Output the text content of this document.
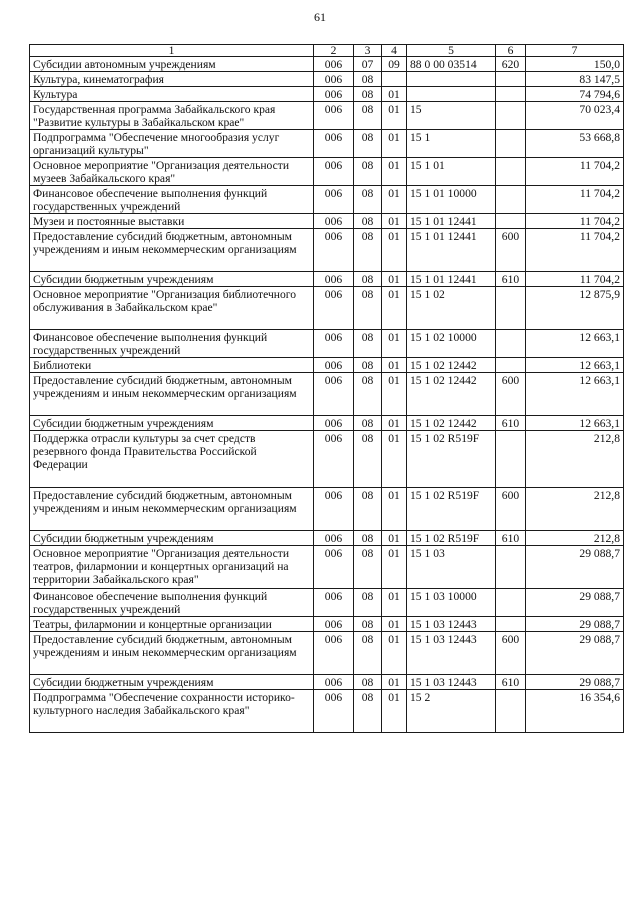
61
1	2	3	4	5	6	7
Субсидии автономным учреждениям	006	07	09	88 0 00 03514	620	150,0
Культура, кинематография	006	08				83 147,5
Культура	006	08	01			74 794,6
Государственная программа Забайкальского края "Развитие культуры в Забайкальском крае"	006	08	01	15		70 023,4
Подпрограмма "Обеспечение многообразия услуг организаций культуры"	006	08	01	15 1		53 668,8
Основное мероприятие "Организация деятельности музеев Забайкальского края"	006	08	01	15 1 01		11 704,2
Финансовое обеспечение выполнения функций государственных учреждений	006	08	01	15 1 01 10000		11 704,2
Музеи и постоянные выставки	006	08	01	15 1 01 12441		11 704,2
Предоставление субсидий бюджетным, автономным учреждениям и иным некоммерческим организациям	006	08	01	15 1 01 12441	600	11 704,2
Субсидии бюджетным учреждениям	006	08	01	15 1 01 12441	610	11 704,2
Основное мероприятие "Организация библиотечного обслуживания в Забайкальском крае"	006	08	01	15 1 02		12 875,9
Финансовое обеспечение выполнения функций государственных учреждений	006	08	01	15 1 02 10000		12 663,1
Библиотеки	006	08	01	15 1 02 12442		12 663,1
Предоставление субсидий бюджетным, автономным учреждениям и иным некоммерческим организациям	006	08	01	15 1 02 12442	600	12 663,1
Субсидии бюджетным учреждениям	006	08	01	15 1 02 12442	610	12 663,1
Поддержка отрасли культуры за счет средств резервного фонда Правительства Российской Федерации	006	08	01	15 1 02 R519F		212,8
Предоставление субсидий бюджетным, автономным учреждениям и иным некоммерческим организациям	006	08	01	15 1 02 R519F	600	212,8
Субсидии бюджетным учреждениям	006	08	01	15 1 02 R519F	610	212,8
Основное мероприятие "Организация деятельности театров, филармонии и концертных организаций на территории Забайкальского края"	006	08	01	15 1 03		29 088,7
Финансовое обеспечение выполнения функций государственных учреждений	006	08	01	15 1 03 10000		29 088,7
Театры, филармонии и концертные организации	006	08	01	15 1 03 12443		29 088,7
Предоставление субсидий бюджетным, автономным учреждениям и иным некоммерческим организациям	006	08	01	15 1 03 12443	600	29 088,7
Субсидии бюджетным учреждениям	006	08	01	15 1 03 12443	610	29 088,7
Подпрограмма "Обеспечение сохранности историко-культурного наследия Забайкальского края"	006	08	01	15 2		16 354,6
